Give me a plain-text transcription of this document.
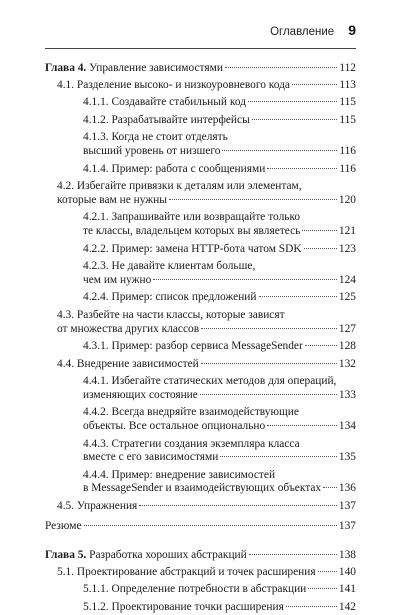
Оглавление 9
Глава 4. Управление зависимостями	112
4.1. Разделение высоко- и низкоуровневого кода	113
4.1.1. Создавайте стабильный код	115
4.1.2. Разрабатывайте интерфейсы	115
4.1.3. Когда не стоит отделять
высший уровень от низшего	116
4.1.4. Пример: работа с сообщениями	116
4.2. Избегайте привязки к деталям или элементам,
которые вам не нужны	120
4.2.1. Запрашивайте или возвращайте только
те классы, владельцем которых вы являетесь	121
4.2.2. Пример: замена HTTP-бота чатом SDK	123
4.2.3. Не давайте клиентам больше,
чем им нужно	124
4.2.4. Пример: список предложений	125
4.3. Разбейте на части классы, которые зависят
от множества других классов	127
4.3.1. Пример: разбор сервиса MessageSender	128
4.4. Внедрение зависимостей	132
4.4.1. Избегайте статических методов для операций,
изменяющих состояние	133
4.4.2. Всегда внедряйте взаимодействующие
объекты. Все остальное опционально	134
4.4.3. Стратегии создания экземпляра класса
вместе с его зависимостями	135
4.4.4. Пример: внедрение зависимостей
в MessageSender и взаимодействующих объектах 136
4.5. Упражнения	137
Резюме	137
Глава 5. Разработка хороших абстракций	138
5.1. Проектирование абстракций и точек расширения 140
5.1.1. Определение потребности в абстракции	141
5.1.2. Проектирование точки расширения	142
